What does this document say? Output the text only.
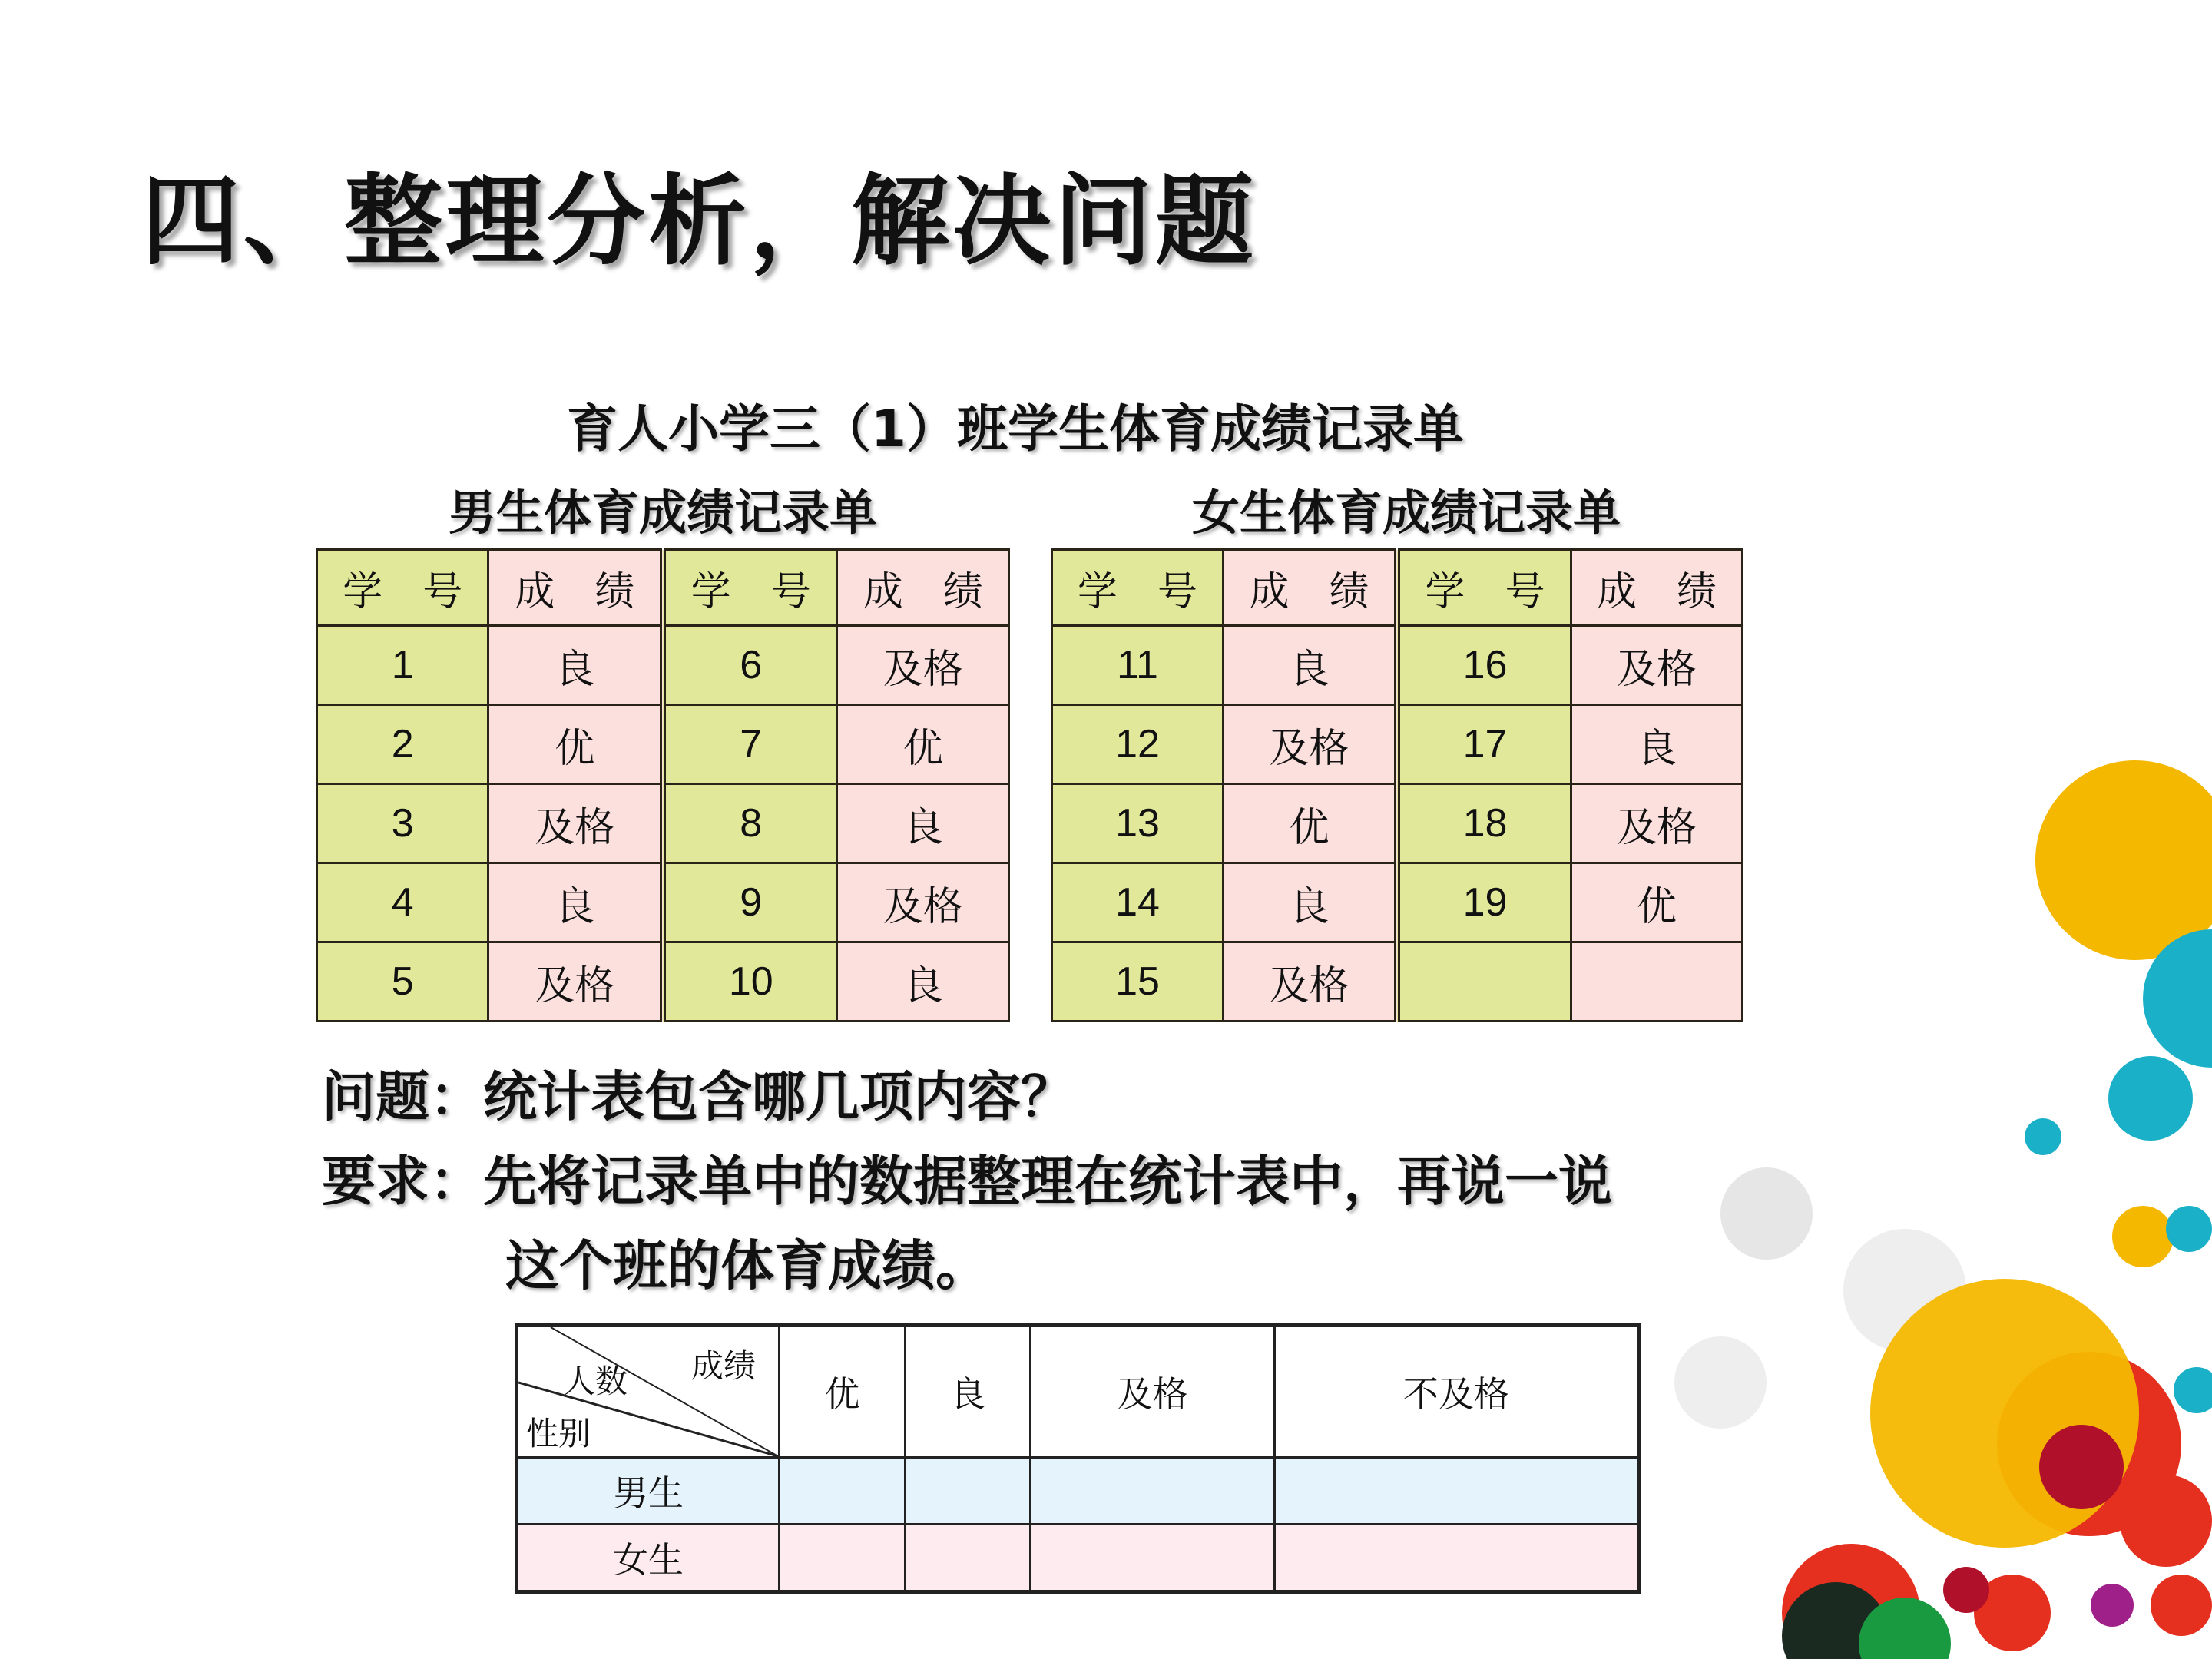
四、整理分析，解决问题
育人小学三（1）班学生体育成绩记录单
男生体育成绩记录单	女生体育成绩记录单
学　号	成　绩	学　号	成　绩
1	良	6	及格
2	优	7	优
3	及格	8	良
4	良	9	及格
5	及格	10	良
学　号	成　绩	学　号	成　绩
11	良	16	及格
12	及格	17	良
13	优	18	及格
14	良	19	优
15	及格		
问题：统计表包含哪几项内容？
要求：先将记录单中的数据整理在统计表中，再说一说
这个班的体育成绩。
成绩
人数
性别	优	良	及格	不及格
男生				
女生				
